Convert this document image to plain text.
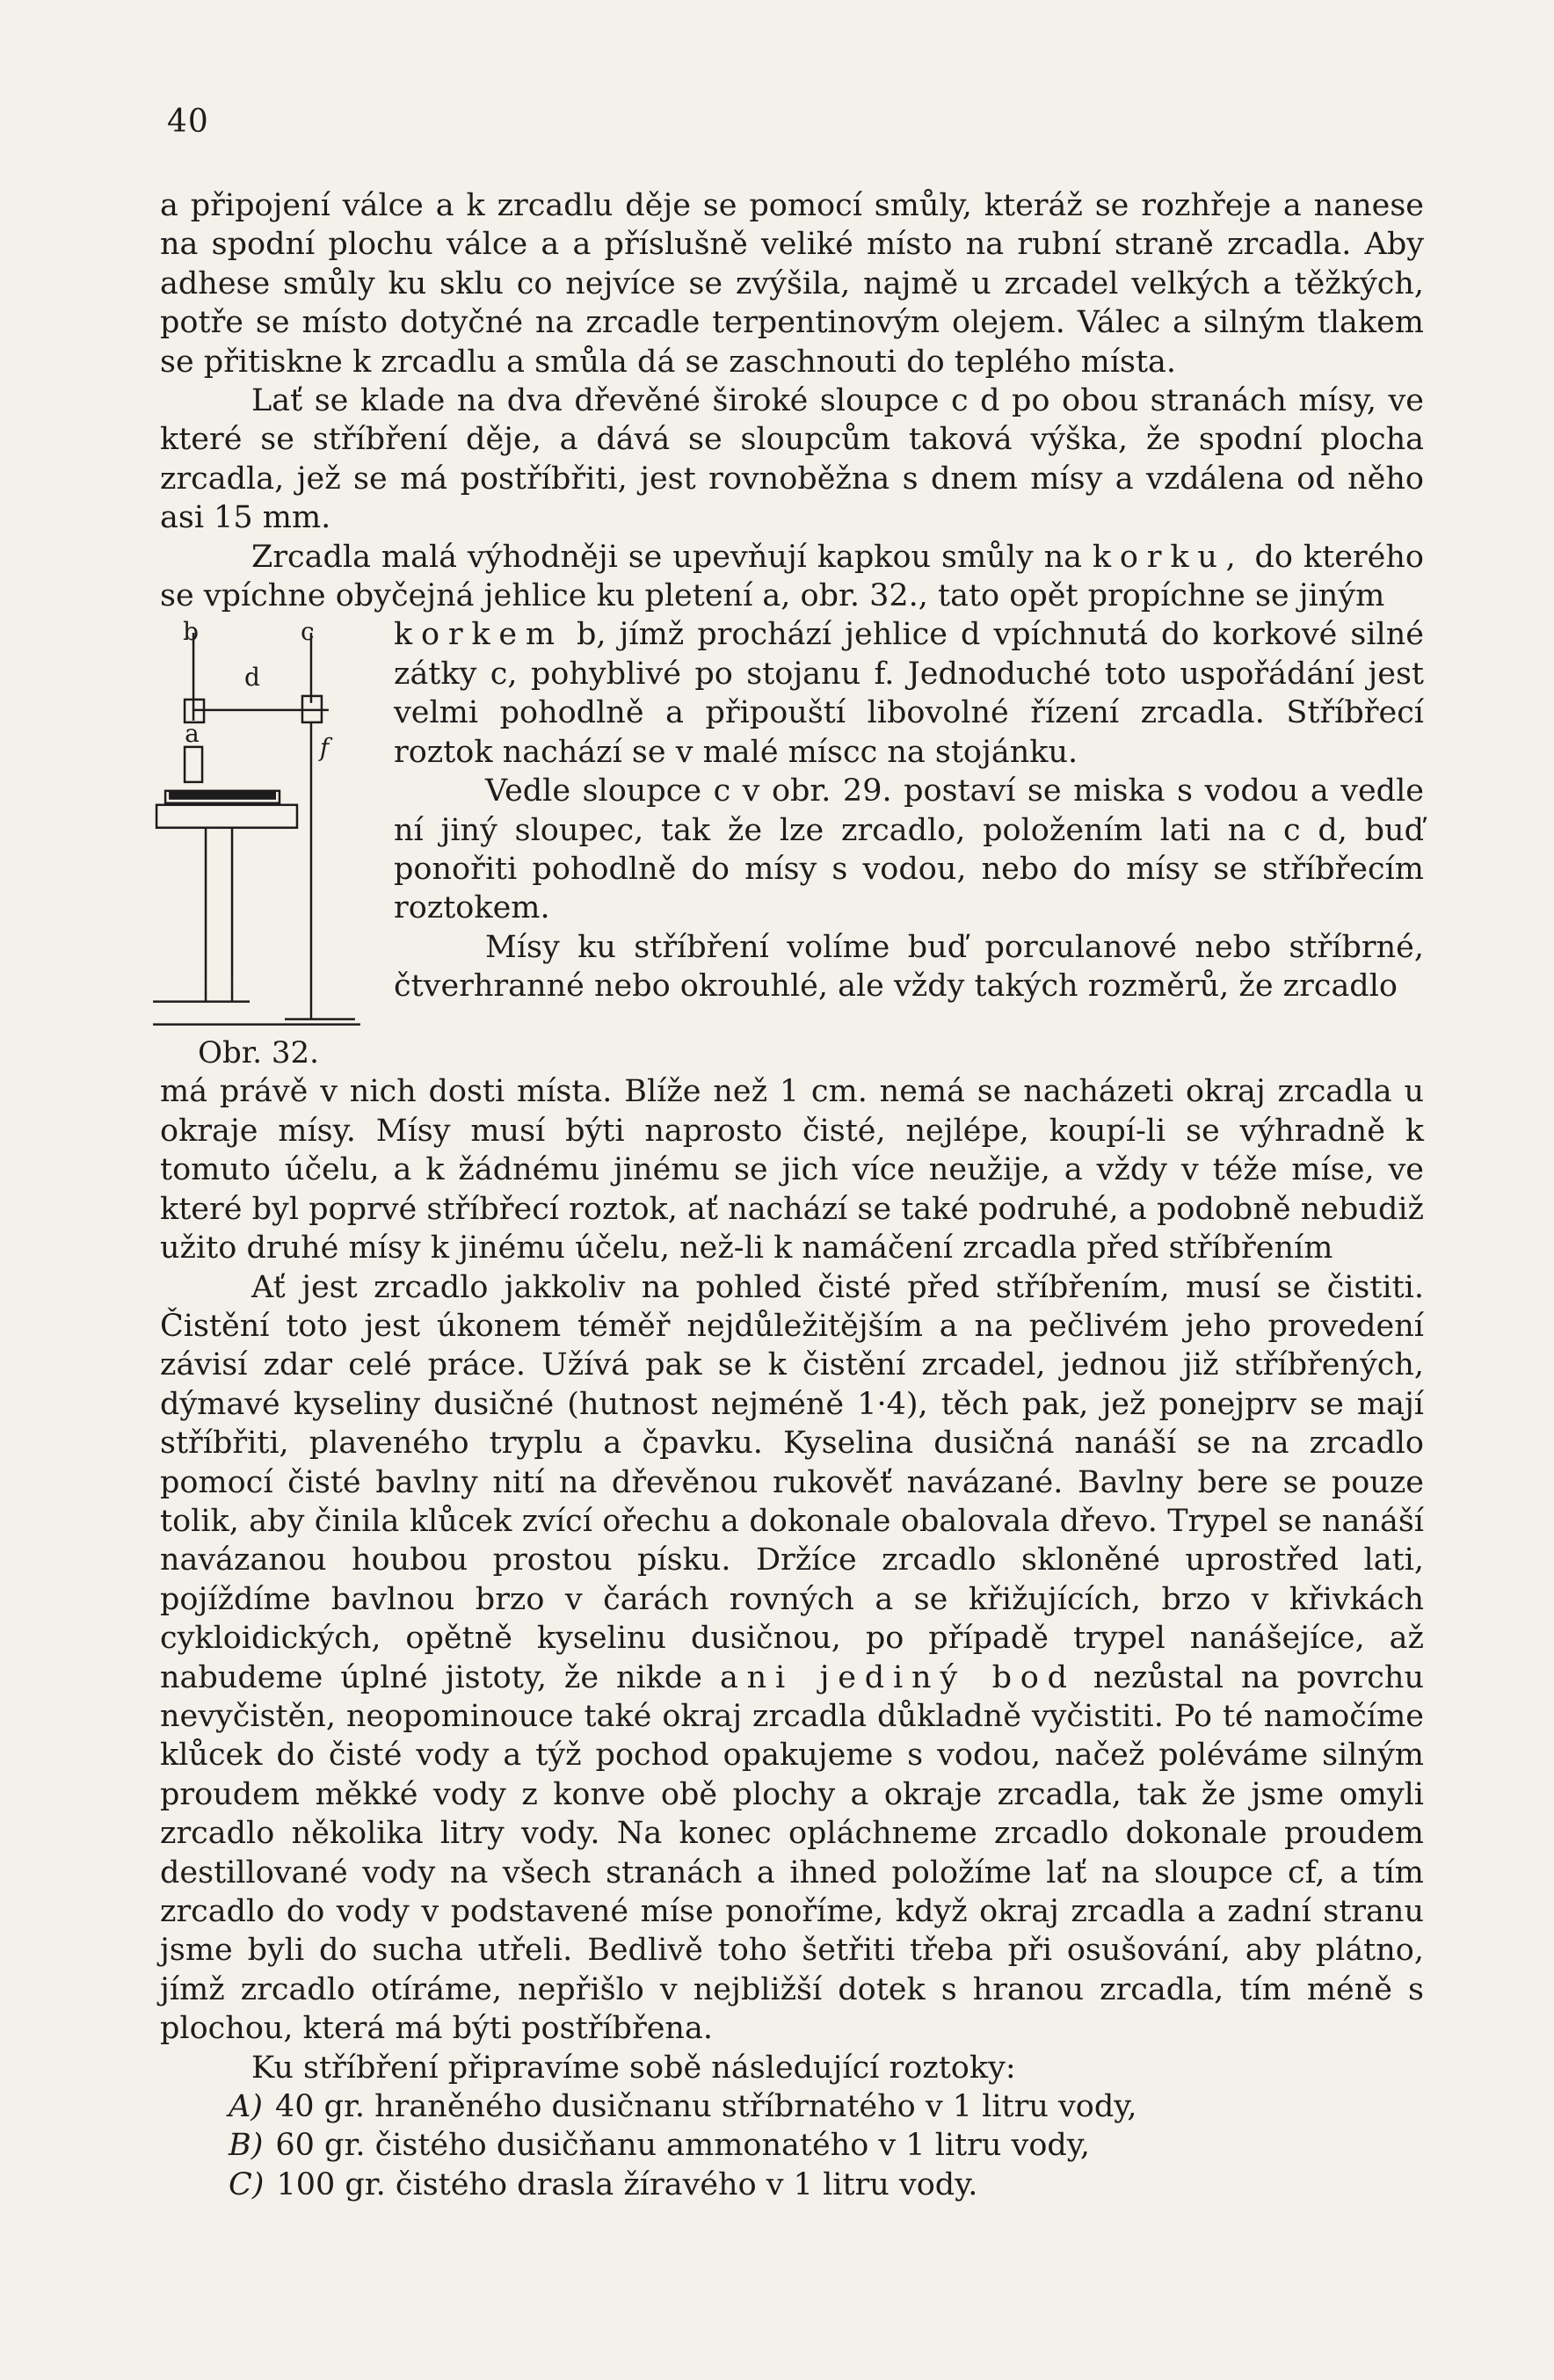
40

a připojení válce a k zrcadlu děje se pomocí smůly, kteráž se rozhřeje a nanese na spodní plochu válce a a příslušně veliké místo na rubní straně zrcadla. Aby adhese smůly ku sklu co nejvíce se zvýšila, najmě u zrcadel velkých a těžkých, potře se místo dotyčné na zrcadle terpentinovým olejem. Válec a silným tlakem se přitiskne k zrcadlu a smůla dá se zaschnouti do teplého místa.

Lať se klade na dva dřevěné široké sloupce c d po obou stranách mísy, ve které se stříbření děje, a dává se sloupcům taková výška, že spodní plocha zrcadla, jež se má postříbřiti, jest rovnoběžna s dnem mísy a vzdálena od něho asi 15 mm.

Zrcadla malá výhodněji se upevňují kapkou smůly na korku, do kterého se vpíchne obyčejná jehlice ku pletení a, obr. 32., tato opět propíchne se jiným

b
d
c
a	f
Obr. 32.

korkem b, jímž prochází jehlice d vpíchnutá do korkové silné zátky c, pohyblivé po stojanu f. Jednoduché toto uspořádání jest velmi pohodlně a připouští libovolné řízení zrcadla. Stříbřecí roztok nachází se v malé míscc na stojánku.

Vedle sloupce c v obr. 29. postaví se miska s vodou a vedle ní jiný sloupec, tak že lze zrcadlo, položením lati na c d, buď ponořiti pohodlně do mísy s vodou, nebo do mísy se stříbřecím roztokem.

Mísy ku stříbření volíme buď porculanové nebo stříbrné, čtverhranné nebo okrouhlé, ale vždy takých rozměrů, že zrcadlo

má právě v nich dosti místa. Blíže než 1 cm. nemá se nacházeti okraj zrcadla u okraje mísy. Mísy musí býti naprosto čisté, nejlépe, koupí-li se výhradně k tomuto účelu, a k žádnému jinému se jich více neužije, a vždy v téže míse, ve které byl poprvé stříbřecí roztok, ať nachází se také podruhé, a podobně nebudiž užito druhé mísy k jinému účelu, než-li k namáčení zrcadla před stříbřením

Ať jest zrcadlo jakkoliv na pohled čisté před stříbřením, musí se čistiti. Čistění toto jest úkonem téměř nejdůležitějším a na pečlivém jeho provedení závisí zdar celé práce. Užívá pak se k čistění zrcadel, jednou již stříbřených, dýmavé kyseliny dusičné (hutnost nejméně 1·4), těch pak, jež ponejprv se mají stříbřiti, plaveného tryplu a čpavku. Kyselina dusičná nanáší se na zrcadlo pomocí čisté bavlny nití na dřevěnou rukověť navázané. Bavlny bere se pouze tolik, aby činila klůcek zvící ořechu a dokonale obalovala dřevo. Trypel se nanáší navázanou houbou prostou písku. Držíce zrcadlo skloněné uprostřed lati, pojíždíme bavlnou brzo v čarách rovných a se křižujících, brzo v křivkách cykloidických, opětně kyselinu dusičnou, po případě trypel nanášejíce, až nabudeme úplné jistoty, že nikde ani jediný bod nezůstal na povrchu nevyčistěn, neopominouce také okraj zrcadla důkladně vyčistiti. Po té namočíme klůcek do čisté vody a týž pochod opakujeme s vodou, načež poléváme silným proudem měkké vody z konve obě plochy a okraje zrcadla, tak že jsme omyli zrcadlo několika litry vody. Na konec opláchneme zrcadlo dokonale proudem destillované vody na všech stranách a ihned položíme lať na sloupce cf, a tím zrcadlo do vody v podstavené míse ponoříme, když okraj zrcadla a zadní stranu jsme byli do sucha utřeli. Bedlivě toho šetřiti třeba při osušování, aby plátno, jímž zrcadlo otíráme, nepřišlo v nejbližší dotek s hranou zrcadla, tím méně s plochou, která má býti postříbřena.

Ku stříbření připravíme sobě následující roztoky:

A) 40 gr. hraněného dusičnanu stříbrnatého v 1 litru vody,

B) 60 gr. čistého dusičňanu ammonatého v 1 litru vody,

C) 100 gr. čistého drasla žíravého v 1 litru vody.
